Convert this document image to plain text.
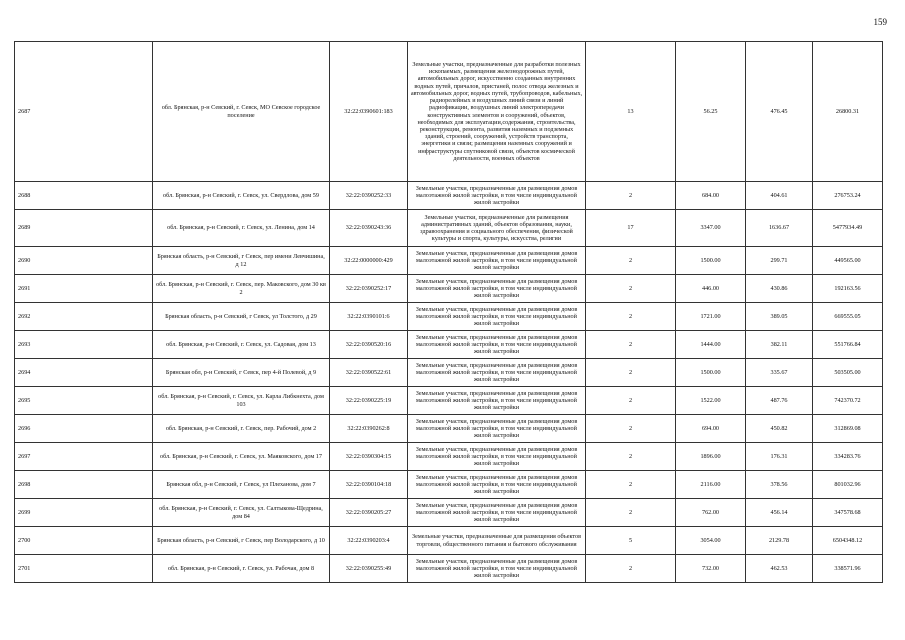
159
2687	обл. Брянская, р-н Севский, г. Севск, МО Севское городское поселение	32:22:0390601:183	Земельные участки, предназначенные для разработки полезных ископаемых, размещения железнодорожных путей, автомобильных дорог, искусственно созданных внутренних водных путей, причалов, пристаней, полос отвода железных и автомобильных дорог, водных путей, трубопроводов, кабельных, радиорелейных и воздушных линий связи и линий радиофикации, воздушных линий электропередачи конструктивных элементов и сооружений, объектов, необходимых для эксплуатации,содержания, строительства, реконструкции, ремонта, развития наземных и подземных зданий, строений, сооружений, устройств транспорта, энергетики и связи; размещения наземных сооружений и инфраструктуры спутниковой связи, объектов космической деятельности, военных объектов	13	56.25	476.45	26800.31
2688	обл. Брянская, р-н Севский, г. Севск, ул. Свердлова, дом 59	32:22:0390252:33	Земельные участки, предназначенные для размещения домов малоэтажной жилой застройки, в том числе индивидуальной жилой застройки	2	684.00	404.61	276753.24
2689	обл. Брянская, р-н Севский, г. Севск, ул. Ленина, дом 14	32:22:0390243:36	Земельные участки, предназначенные для размещения административных зданий, объектов образования, науки, здравоохранения и социального обеспечения, физической культуры и спорта, культуры, искусства, религии	17	3347.00	1636.67	5477934.49
2690	Брянская область, р-н Севский, г Севск, пер имени Левчишина, д 12	32:22:0000000:429	Земельные участки, предназначенные для размещения домов малоэтажной жилой застройки, в том числе индивидуальной жилой застройки	2	1500.00	299.71	449565.00
2691	обл. Брянская, р-н Севский, г. Севск, пер. Маковского, дом 30 кв 2	32:22:0390252:17	Земельные участки, предназначенные для размещения домов малоэтажной жилой застройки, в том числе индивидуальной жилой застройки	2	446.00	430.86	192163.56
2692	Брянская область, р-н Севский, г Севск, ул Толстого, д 29	32:22:0390101:6	Земельные участки, предназначенные для размещения домов малоэтажной жилой застройки, в том числе индивидуальной жилой застройки	2	1721.00	389.05	669555.05
2693	обл. Брянская, р-н Севский, г. Севск, ул. Садовая, дом 13	32:22:0390520:16	Земельные участки, предназначенные для размещения домов малоэтажной жилой застройки, в том числе индивидуальной жилой застройки	2	1444.00	382.11	551766.84
2694	Брянская обл, р-н Севский, г Севск, пер 4-й Полевой, д 9	32:22:0390522:61	Земельные участки, предназначенные для размещения домов малоэтажной жилой застройки, в том числе индивидуальной жилой застройки	2	1500.00	335.67	503505.00
2695	обл. Брянская, р-н Севский, г. Севск, ул. Карла Либкнехта, дом 103	32:22:0390225:19	Земельные участки, предназначенные для размещения домов малоэтажной жилой застройки, в том числе индивидуальной жилой застройки	2	1522.00	487.76	742370.72
2696	обл. Брянская, р-н Севский, г. Севск, пер. Рабочий, дом 2	32:22:0390262:8	Земельные участки, предназначенные для размещения домов малоэтажной жилой застройки, в том числе индивидуальной жилой застройки	2	694.00	450.82	312869.08
2697	обл. Брянская, р-н Севский, г. Севск, ул. Маяковского, дом 17	32:22:0390304:15	Земельные участки, предназначенные для размещения домов малоэтажной жилой застройки, в том числе индивидуальной жилой застройки	2	1896.00	176.31	334283.76
2698	Брянская обл, р-н Севский, г Севск, ул Плеханова, дом 7	32:22:0390104:18	Земельные участки, предназначенные для размещения домов малоэтажной жилой застройки, в том числе индивидуальной жилой застройки	2	2116.00	378.56	801032.96
2699	обл. Брянская, р-н Севский, г. Севск, ул. Салтыкова-Щедрина, дом 84	32:22:0390205:27	Земельные участки, предназначенные для размещения домов малоэтажной жилой застройки, в том числе индивидуальной жилой застройки	2	762.00	456.14	347578.68
2700	Брянская область, р-н Севский, г Севск, пер Володарского, д 10	32:22:0390203:4	Земельные участки, предназначенные для размещения объектов торговли, общественного питания и бытового обслуживания	5	3054.00	2129.78	6504348.12
2701	обл. Брянская, р-н Севский, г. Севск, ул. Рабочая, дом 8	32:22:0390255:49	Земельные участки, предназначенные для размещения домов малоэтажной жилой застройки, в том числе индивидуальной жилой застройки	2	732.00	462.53	338571.96
